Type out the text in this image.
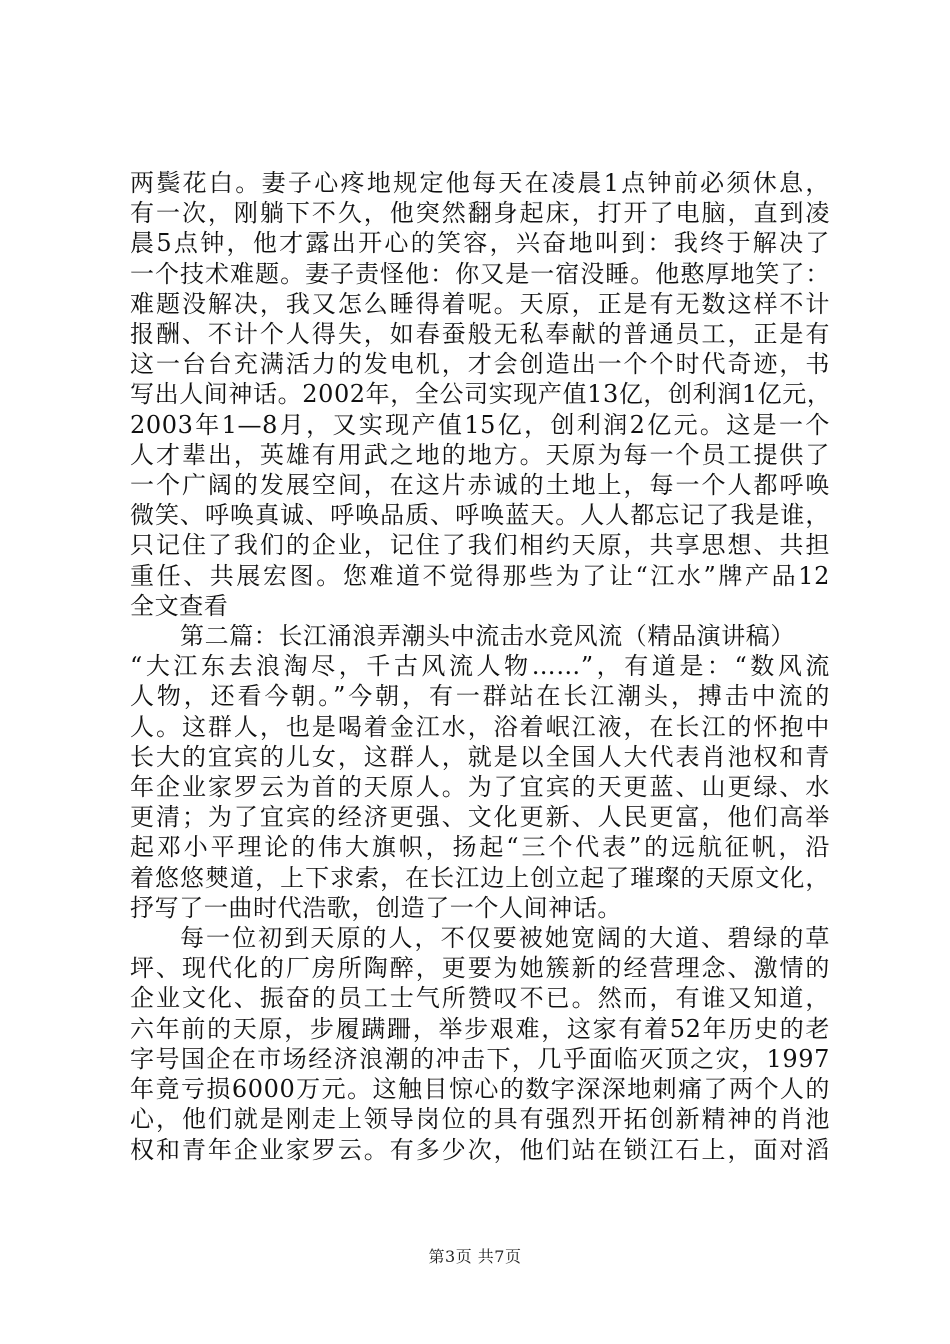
两鬓花白。妻子心疼地规定他每天在凌晨1点钟前必须休息，
有一次，刚躺下不久，他突然翻身起床，打开了电脑，直到凌
晨5点钟，他才露出开心的笑容，兴奋地叫到：我终于解决了
一个技术难题。妻子责怪他：你又是一宿没睡。他憨厚地笑了：
难题没解决，我又怎么睡得着呢。天原，正是有无数这样不计
报酬、不计个人得失，如春蚕般无私奉献的普通员工，正是有
这一台台充满活力的发电机，才会创造出一个个时代奇迹，书
写出人间神话。2002年，全公司实现产值13亿，创利润1亿元，
2003年1—8月，又实现产值15亿，创利润2亿元。这是一个
人才辈出，英雄有用武之地的地方。天原为每一个员工提供了
一个广阔的发展空间，在这片赤诚的土地上，每一个人都呼唤
微笑、呼唤真诚、呼唤品质、呼唤蓝天。人人都忘记了我是谁，
只记住了我们的企业，记住了我们相约天原，共享思想、共担
重任、共展宏图。您难道不觉得那些为了让“江水”牌产品12
全文查看
第二篇：长江涌浪弄潮头中流击水竞风流（精品演讲稿）
“大江东去浪淘尽，千古风流人物……”，有道是：“数风流
人物，还看今朝。”今朝，有一群站在长江潮头，搏击中流的
人。这群人，也是喝着金江水，浴着岷江液，在长江的怀抱中
长大的宜宾的儿女，这群人，就是以全国人大代表肖池权和青
年企业家罗云为首的天原人。为了宜宾的天更蓝、山更绿、水
更清；为了宜宾的经济更强、文化更新、人民更富，他们高举
起邓小平理论的伟大旗帜，扬起“三个代表”的远航征帆，沿
着悠悠僰道，上下求索，在长江边上创立起了璀璨的天原文化，
抒写了一曲时代浩歌，创造了一个人间神话。
每一位初到天原的人，不仅要被她宽阔的大道、碧绿的草
坪、现代化的厂房所陶醉，更要为她簇新的经营理念、激情的
企业文化、振奋的员工士气所赞叹不已。然而，有谁又知道，
六年前的天原，步履蹒跚，举步艰难，这家有着52年历史的老
字号国企在市场经济浪潮的冲击下，几乎面临灭顶之灾，1997
年竟亏损6000万元。这触目惊心的数字深深地刺痛了两个人的
心，他们就是刚走上领导岗位的具有强烈开拓创新精神的肖池
权和青年企业家罗云。有多少次，他们站在锁江石上，面对滔
第3页 共7页
